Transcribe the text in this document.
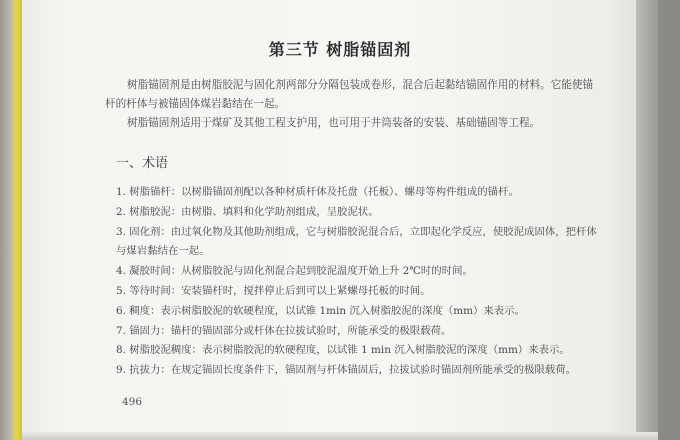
第三节 树脂锚固剂
树脂锚固剂是由树脂胶泥与固化剂两部分分隔包装成卷形，混合后起黏结锚固作用的材料。它能使锚杆的杆体与被锚固体煤岩黏结在一起。
树脂锚固剂适用于煤矿及其他工程支护用，也可用于井筒装备的安装、基础锚固等工程。
一、术语
1. 树脂锚杆：以树脂锚固剂配以各种材质杆体及托盘（托板）、螺母等构件组成的锚杆。
2. 树脂胶泥：由树脂、填料和化学助剂组成，呈胶泥状。
3. 固化剂：由过氧化物及其他助剂组成，它与树脂胶泥混合后，立即起化学反应，使胶泥成固体，把杆体与煤岩黏结在一起。
4. 凝胶时间：从树脂胶泥与固化剂混合起到胶泥温度开始上升 2℃时的时间。
5. 等待时间：安装锚杆时，搅拌停止后到可以上紧螺母托板的时间。
6. 稠度：表示树脂胶泥的软硬程度，以试锥 1min 沉入树脂胶泥的深度（mm）来表示。
7. 锚固力：锚杆的锚固部分或杆体在拉拔试验时，所能承受的极限载荷。
8. 树脂胶泥稠度：表示树脂胶泥的软硬程度，以试锥 1 min 沉入树脂胶泥的深度（mm）来表示。
9. 抗拔力：在规定锚固长度条件下，锚固剂与杆体锚固后，拉拔试验时锚固剂所能承受的极限载荷。
496
